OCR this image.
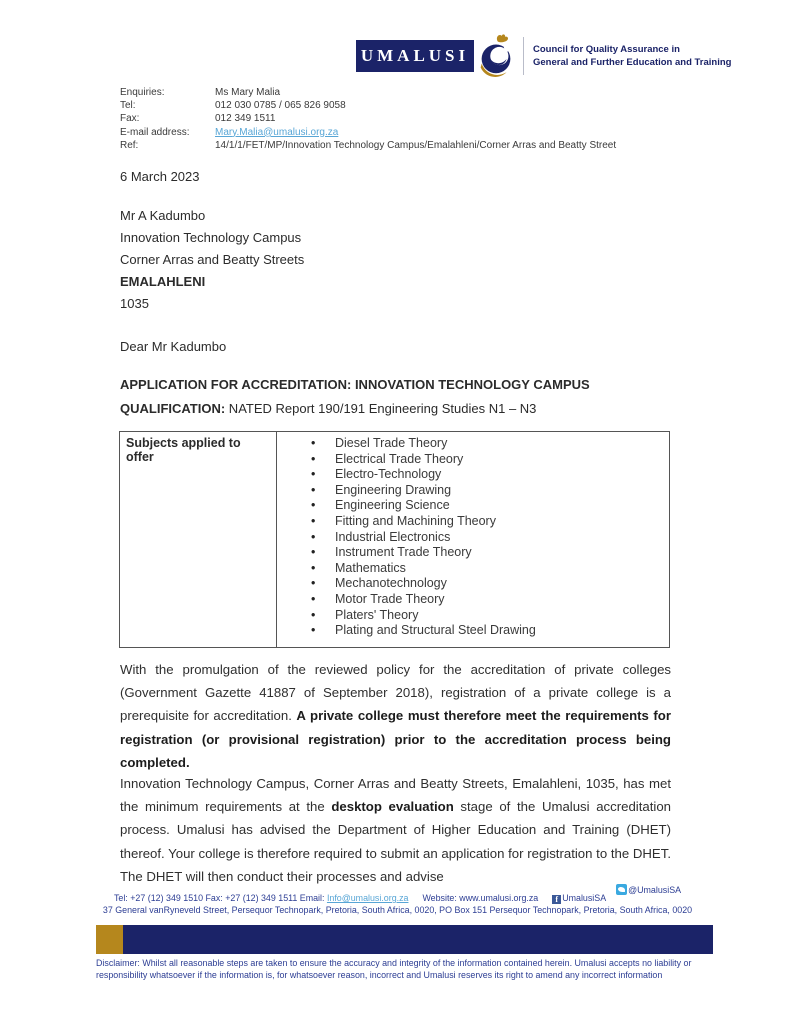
UMALUSI	Council for Quality Assurance in
General and Further Education and Training
Enquiries:	Ms Mary Malia
Tel:	012 030 0785 / 065 826 9058
Fax:	012 349 1511
E-mail address:	Mary.Malia@umalusi.org.za
Ref:	14/1/1/FET/MP/Innovation Technology Campus/Emalahleni/Corner Arras and Beatty Street
6 March 2023
Mr A Kadumbo
Innovation Technology Campus
Corner Arras and Beatty Streets
EMALAHLENI
1035
Dear Mr Kadumbo
APPLICATION FOR ACCREDITATION: INNOVATION TECHNOLOGY CAMPUS
QUALIFICATION: NATED Report 190/191 Engineering Studies N1 – N3
Subjects applied to offer	
• Diesel Trade Theory
• Electrical Trade Theory
• Electro-Technology
• Engineering Drawing
• Engineering Science
• Fitting and Machining Theory
• Industrial Electronics
• Instrument Trade Theory
• Mathematics
• Mechanotechnology
• Motor Trade Theory
• Platers' Theory
• Plating and Structural Steel Drawing
With the promulgation of the reviewed policy for the accreditation of private colleges (Government Gazette 41887 of September 2018), registration of a private college is a prerequisite for accreditation. A private college must therefore meet the requirements for registration (or provisional registration) prior to the accreditation process being completed.
Innovation Technology Campus, Corner Arras and Beatty Streets, Emalahleni, 1035, has met the minimum requirements at the desktop evaluation stage of the Umalusi accreditation process. Umalusi has advised the Department of Higher Education and Training (DHET) thereof. Your college is therefore required to submit an application for registration to the DHET. The DHET will then conduct their processes and advise
Tel: +27 (12) 349 1510 Fax: +27 (12) 349 1511 Email: Info@umalusi.org.za Website: www.umalusi.org.za f UmalusiSA@UmalusiSA
37 General vanRyneveld Street, Persequor Technopark, Pretoria, South Africa, 0020, PO Box 151 Persequor Technopark, Pretoria, South Africa, 0020
Disclaimer: Whilst all reasonable steps are taken to ensure the accuracy and integrity of the information contained herein. Umalusi accepts no liability or
responsibility whatsoever if the information is, for whatsoever reason, incorrect and Umalusi reserves its right to amend any incorrect information
